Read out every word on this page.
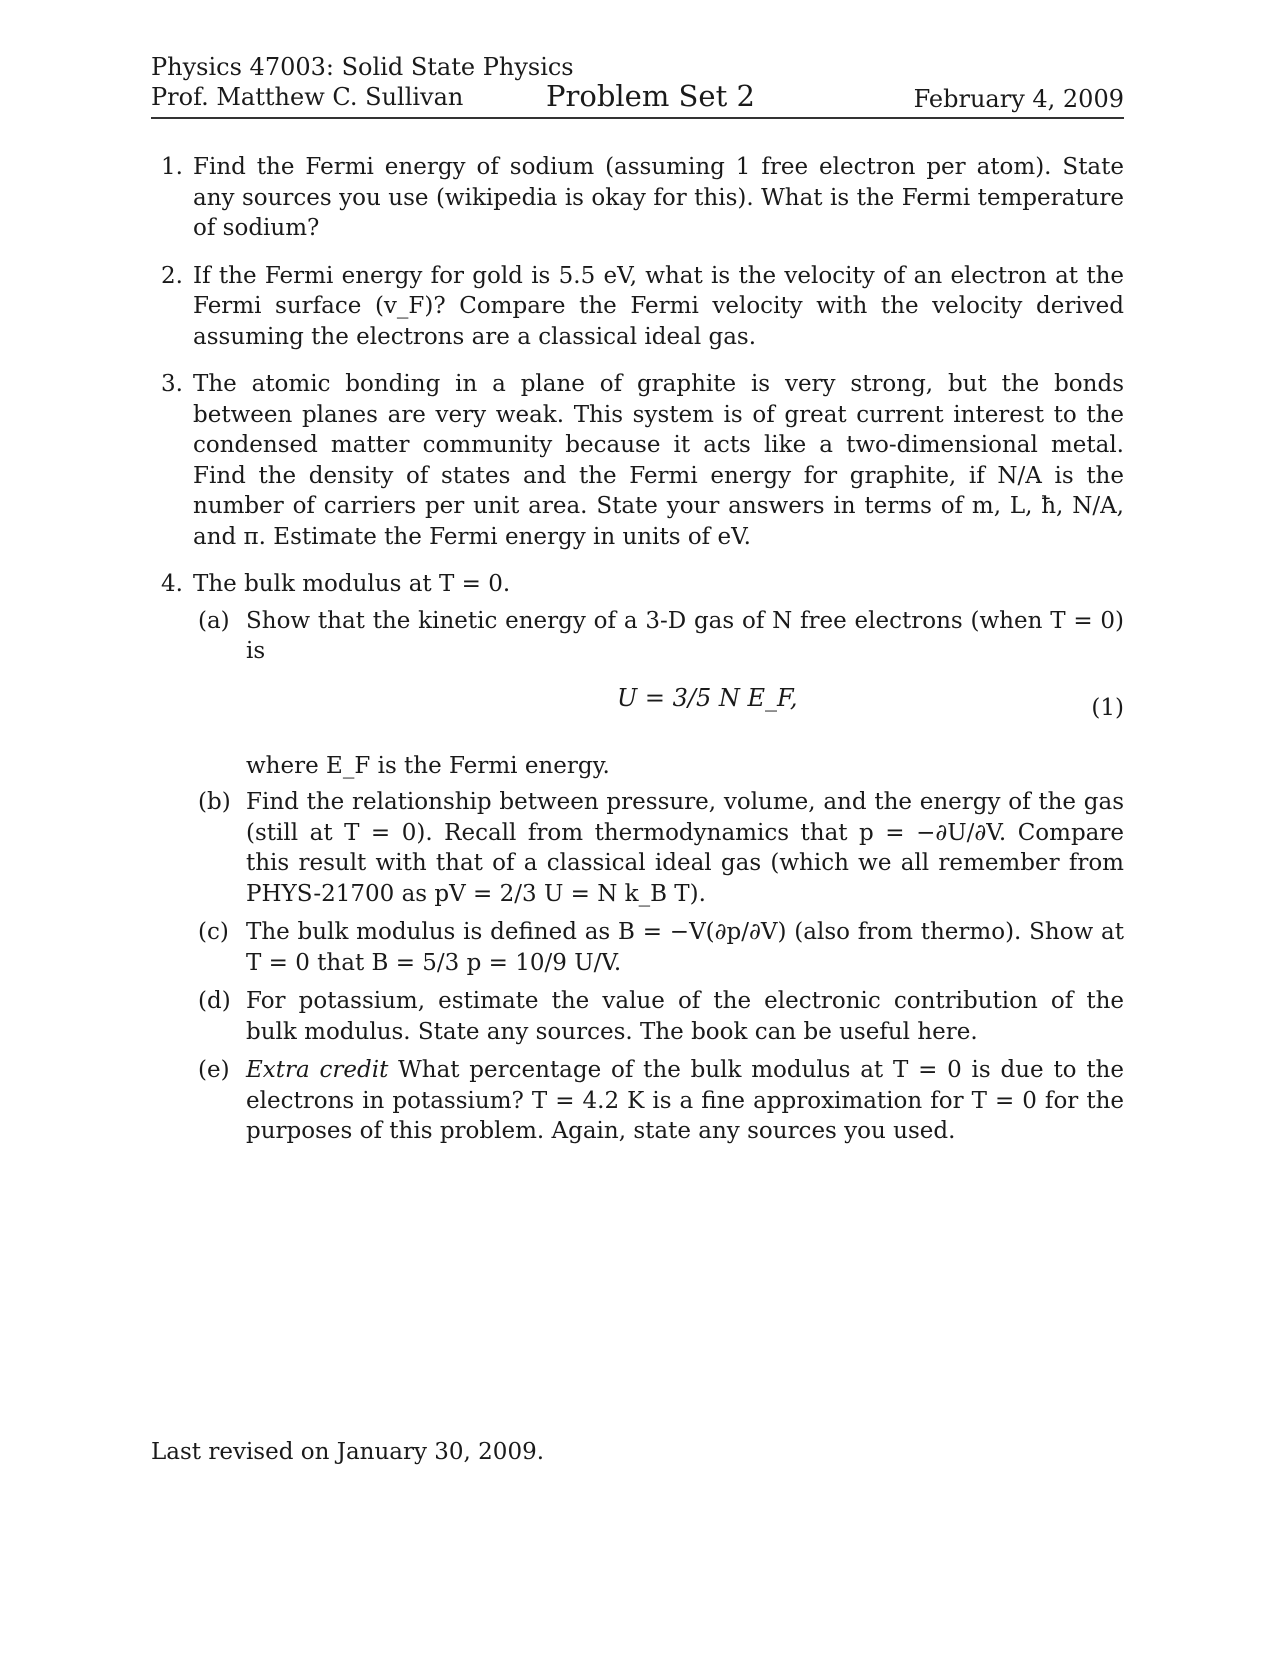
Physics 47003: Solid State Physics
Prof. Matthew C. Sullivan	Problem Set 2	February 4, 2009
1. Find the Fermi energy of sodium (assuming 1 free electron per atom). State any sources you use (wikipedia is okay for this). What is the Fermi temperature of sodium?
2. If the Fermi energy for gold is 5.5 eV, what is the velocity of an electron at the Fermi surface (v_F)? Compare the Fermi velocity with the velocity derived assuming the electrons are a classical ideal gas.
3. The atomic bonding in a plane of graphite is very strong, but the bonds between planes are very weak. This system is of great current interest to the condensed matter community because it acts like a two-dimensional metal. Find the density of states and the Fermi energy for graphite, if N/A is the number of carriers per unit area. State your answers in terms of m, L, ħ, N/A, and π. Estimate the Fermi energy in units of eV.
4. The bulk modulus at T = 0.
(a) Show that the kinetic energy of a 3-D gas of N free electrons (when T = 0) is
U = 3/5 N E_F,	(1)
where E_F is the Fermi energy.
(b) Find the relationship between pressure, volume, and the energy of the gas (still at T = 0). Recall from thermodynamics that p = −∂U/∂V. Compare this result with that of a classical ideal gas (which we all remember from PHYS-21700 as pV = 2/3 U = N k_B T).
(c) The bulk modulus is defined as B = −V(∂p/∂V) (also from thermo). Show at T = 0 that B = 5/3 p = 10/9 U/V.
(d) For potassium, estimate the value of the electronic contribution of the bulk modulus. State any sources. The book can be useful here.
(e) Extra credit What percentage of the bulk modulus at T = 0 is due to the electrons in potassium? T = 4.2 K is a fine approximation for T = 0 for the purposes of this problem. Again, state any sources you used.
Last revised on January 30, 2009.
